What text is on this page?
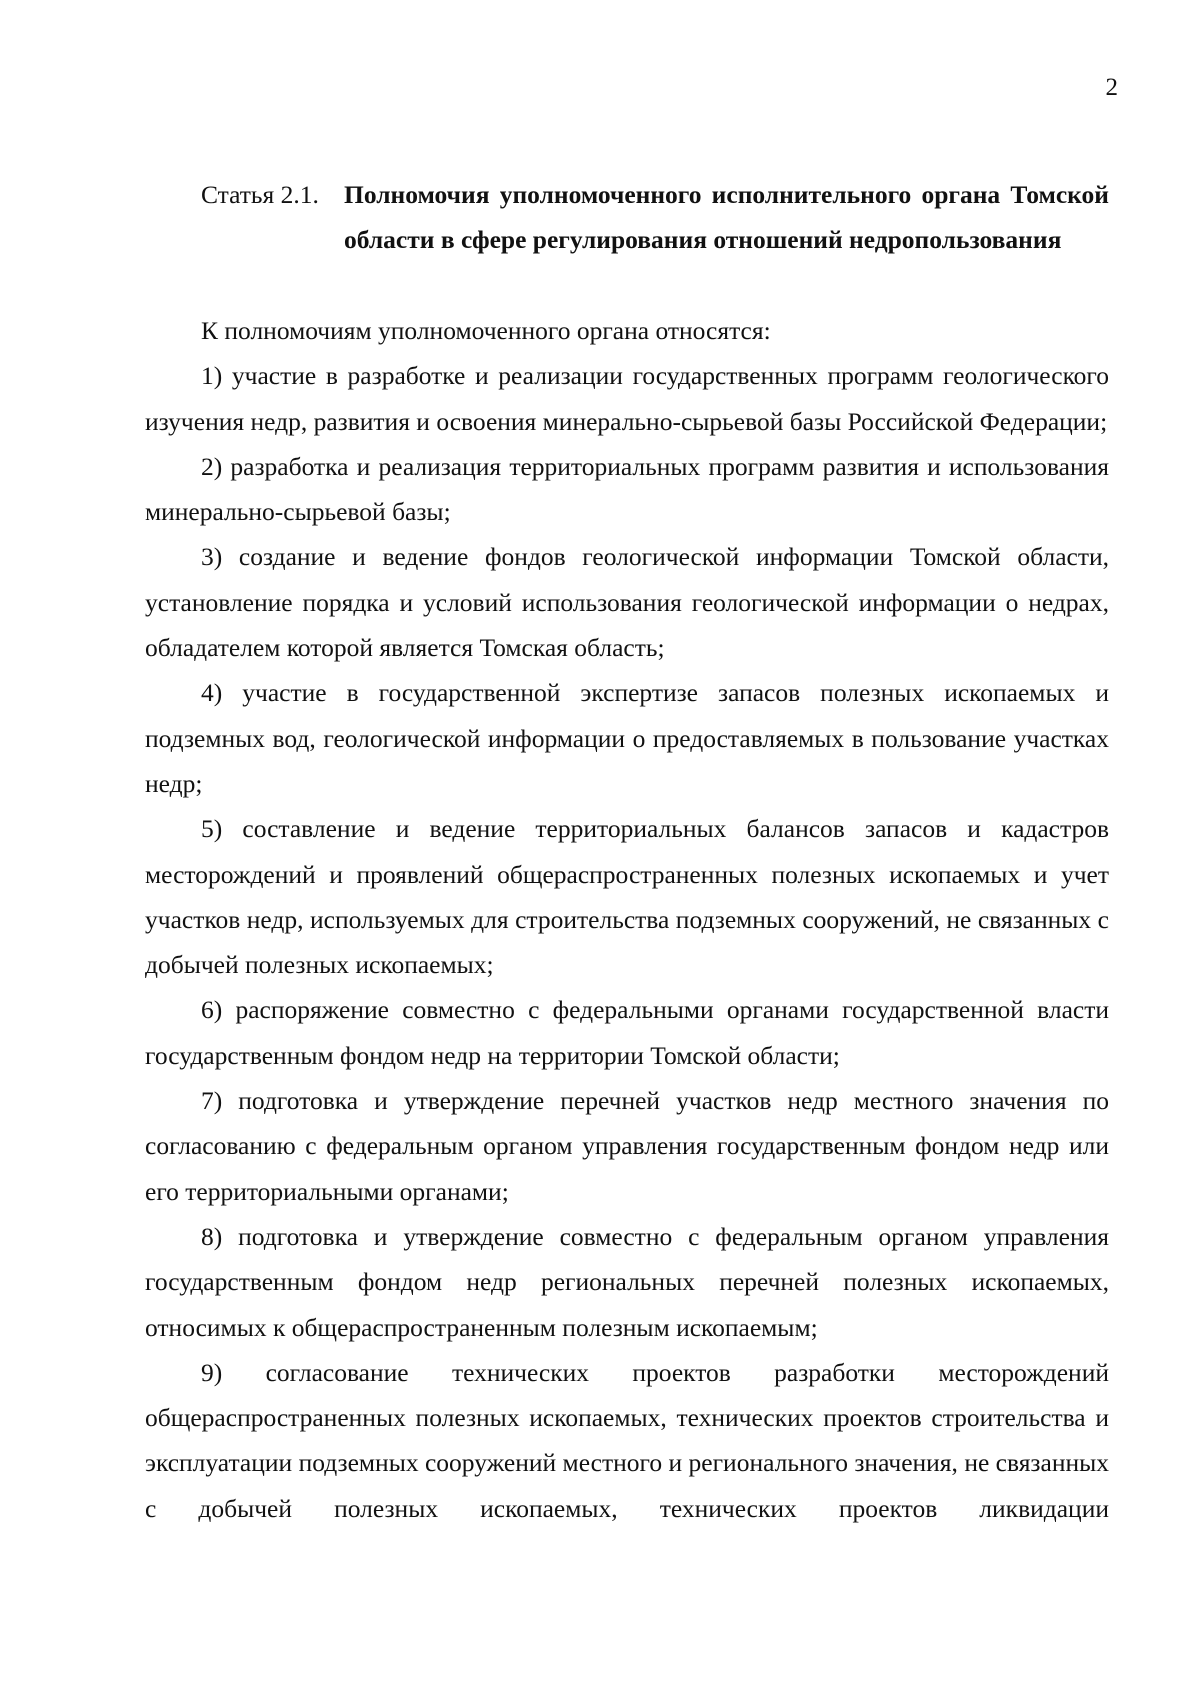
2
Статья 2.1. Полномочия уполномоченного исполнительного органа Томской области в сфере регулирования отношений недропользования

К полномочиям уполномоченного органа относятся:

1) участие в разработке и реализации государственных программ геологического изучения недр, развития и освоения минерально-сырьевой базы Российской Федерации;

2) разработка и реализация территориальных программ развития и использования минерально-сырьевой базы;

3) создание и ведение фондов геологической информации Томской области, установление порядка и условий использования геологической информации о недрах, обладателем которой является Томская область;

4) участие в государственной экспертизе запасов полезных ископаемых и подземных вод, геологической информации о предоставляемых в пользование участках недр;

5) составление и ведение территориальных балансов запасов и кадастров месторождений и проявлений общераспространенных полезных ископаемых и учет участков недр, используемых для строительства подземных сооружений, не связанных с добычей полезных ископаемых;

6) распоряжение совместно с федеральными органами государственной власти государственным фондом недр на территории Томской области;

7) подготовка и утверждение перечней участков недр местного значения по согласованию с федеральным органом управления государственным фондом недр или его территориальными органами;

8) подготовка и утверждение совместно с федеральным органом управления государственным фондом недр региональных перечней полезных ископаемых, относимых к общераспространенным полезным ископаемым;

9) согласование технических проектов разработки месторождений общераспространенных полезных ископаемых, технических проектов строительства и эксплуатации подземных сооружений местного и регионального значения, не связанных с добычей полезных ископаемых, технических проектов ликвидации
